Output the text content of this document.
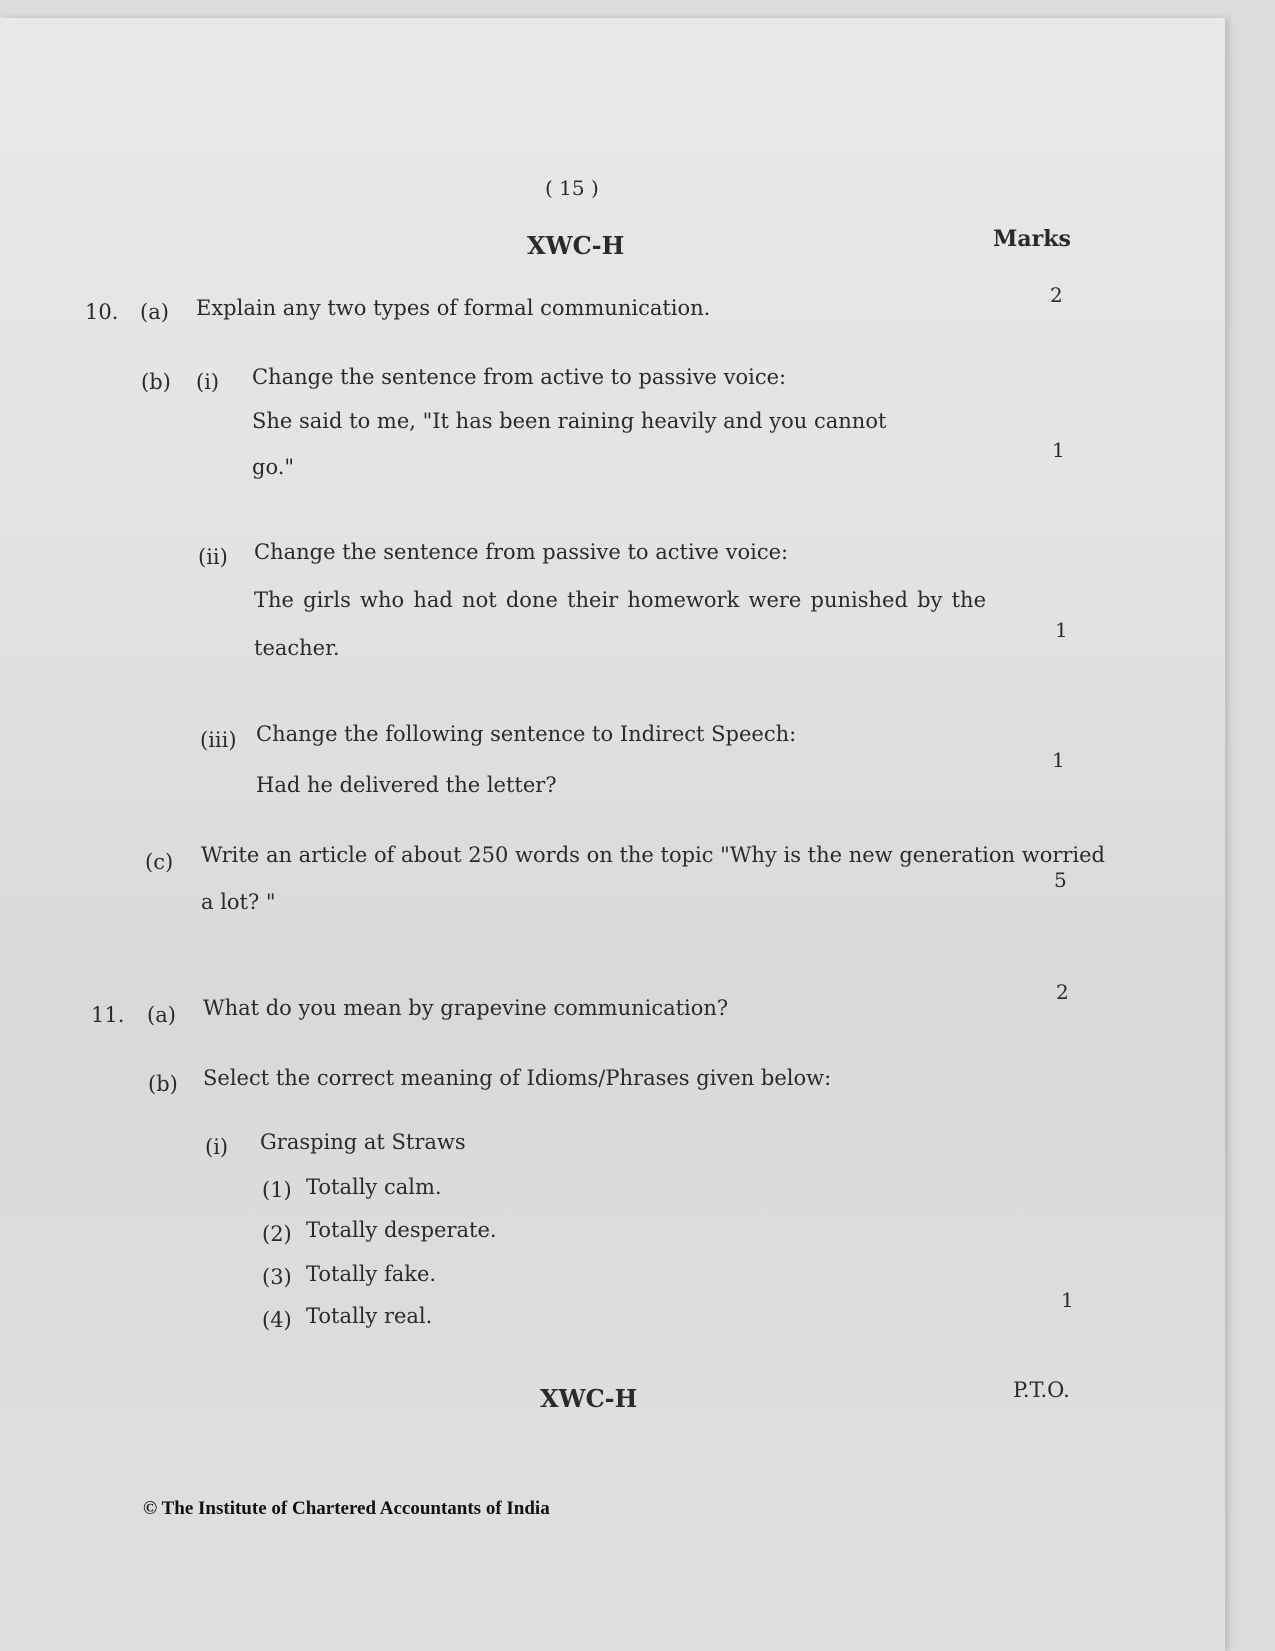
( 15 )
XWC-H	Marks
10. (a) Explain any two types of formal communication.
2
(b) (i) Change the sentence from active to passive voice:
She said to me, "It has been raining heavily and you cannot
go."
1
(ii) Change the sentence from passive to active voice:
The girls who had not done their homework were punished by the
teacher.
1
(iii) Change the following sentence to Indirect Speech:
Had he delivered the letter?
1
(c) Write an article of about 250 words on the topic "Why is the new generation worried
a lot? "
5
11. (a) What do you mean by grapevine communication?
2
(b) Select the correct meaning of Idioms/Phrases given below:
(i) Grasping at Straws
(1) Totally calm.
(2) Totally desperate.
(3) Totally fake.
(4) Totally real.
1
XWC-H	P.T.O.
© The Institute of Chartered Accountants of India
